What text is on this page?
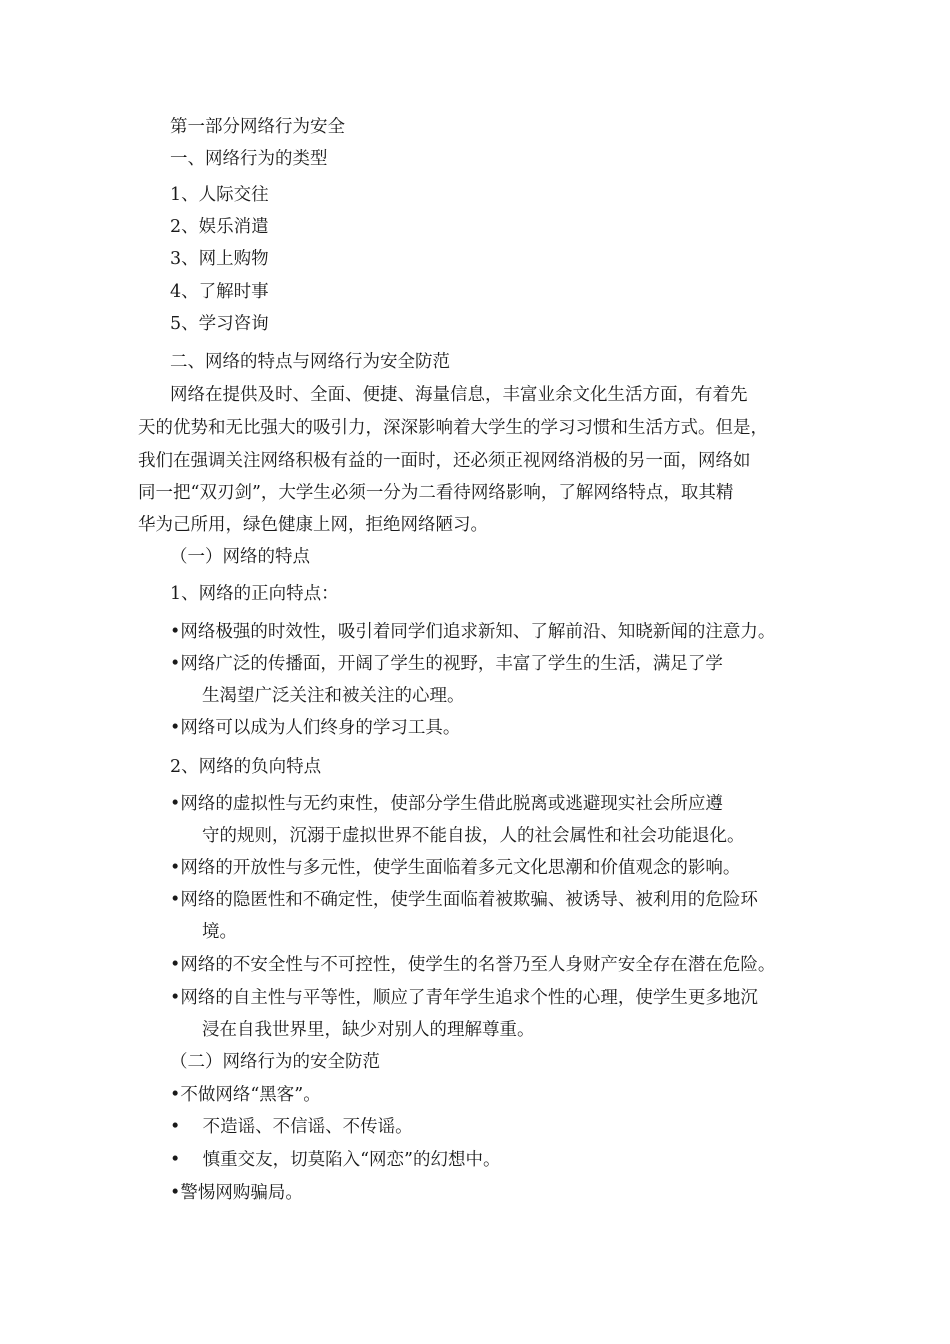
第一部分网络行为安全
一、网络行为的类型
1、人际交往
2、娱乐消遣
3、网上购物
4、了解时事
5、学习咨询
二、网络的特点与网络行为安全防范
网络在提供及时、全面、便捷、海量信息，丰富业余文化生活方面，有着先
天的优势和无比强大的吸引力，深深影响着大学生的学习习惯和生活方式。但是，
我们在强调关注网络积极有益的一面时，还必须正视网络消极的另一面，网络如
同一把“双刃剑”，大学生必须一分为二看待网络影响，了解网络特点，取其精
华为己所用，绿色健康上网，拒绝网络陋习。
（一）网络的特点
1、网络的正向特点：
•网络极强的时效性，吸引着同学们追求新知、了解前沿、知晓新闻的注意力。
•网络广泛的传播面，开阔了学生的视野，丰富了学生的生活，满足了学
生渴望广泛关注和被关注的心理。
•网络可以成为人们终身的学习工具。
2、网络的负向特点
•网络的虚拟性与无约束性，使部分学生借此脱离或逃避现实社会所应遵
守的规则，沉溺于虚拟世界不能自拔，人的社会属性和社会功能退化。
•网络的开放性与多元性，使学生面临着多元文化思潮和价值观念的影响。
•网络的隐匿性和不确定性，使学生面临着被欺骗、被诱导、被利用的危险环
境。
•网络的不安全性与不可控性，使学生的名誉乃至人身财产安全存在潜在危险。
•网络的自主性与平等性，顺应了青年学生追求个性的心理，使学生更多地沉
浸在自我世界里，缺少对别人的理解尊重。
（二）网络行为的安全防范
•不做网络“黑客”。
•    不造谣、不信谣、不传谣。
•    慎重交友，切莫陷入“网恋”的幻想中。
•警惕网购骗局。
